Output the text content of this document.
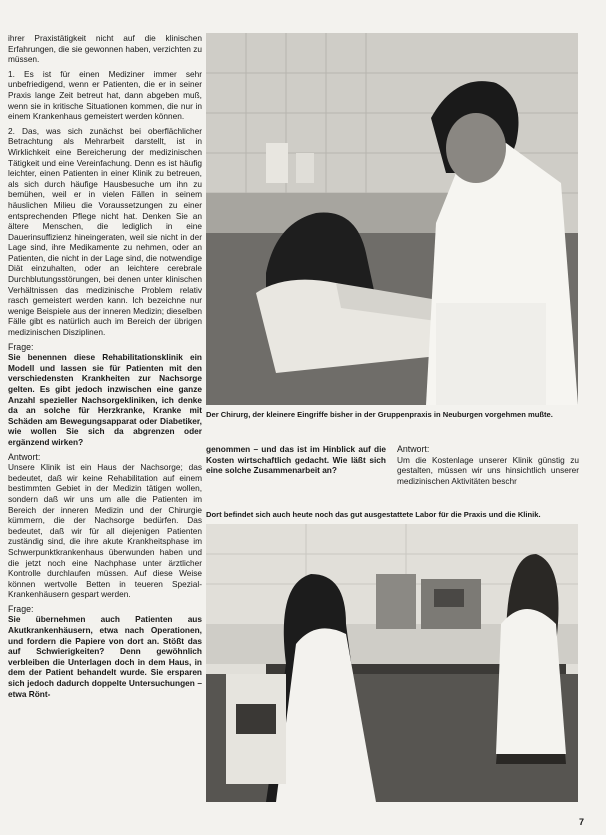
ihrer Praxistätigkeit nicht auf die klinischen Erfahrungen, die sie gewonnen haben, verzichten zu müssen.

1. Es ist für einen Mediziner immer sehr unbefriedigend, wenn er Patienten, die er in seiner Praxis lange Zeit betreut hat, dann abgeben muß, wenn sie in kritische Situationen kommen, die nur in einem Krankenhaus gemeistert werden können.

2. Das, was sich zunächst bei oberflächlicher Betrachtung als Mehrarbeit darstellt, ist in Wirklichkeit eine Bereicherung der medizinischen Tätigkeit und eine Vereinfachung. Denn es ist häufig leichter, einen Patienten in einer Klinik zu betreuen, als sich durch häufige Hausbesuche um ihn zu bemühen, weil er in vielen Fällen in seinem häuslichen Milieu die Voraussetzungen zu einer entsprechenden Pflege nicht hat. Denken Sie an ältere Menschen, die lediglich in eine Dauerinsuffizienz hineingeraten, weil sie nicht in der Lage sind, ihre Medikamente zu nehmen, oder an Patienten, die nicht in der Lage sind, die notwendige Diät einzuhalten, oder an leichtere cerebrale Durchblutungsstörungen, bei denen unter klinischen Verhältnissen das medizinische Problem relativ rasch gemeistert werden kann. Ich bezeichne nur wenige Beispiele aus der inneren Medizin; dieselben Fälle gibt es natürlich auch im Bereich der übrigen medizinischen Disziplinen.

Frage:

Sie benennen diese Rehabilitationsklinik ein Modell und lassen sie für Patienten mit den verschiedensten Krankheiten zur Nachsorge gelten. Es gibt jedoch inzwischen eine ganze Anzahl spezieller Nachsorgekliniken, ich denke da an solche für Herzkranke, Kranke mit Schäden am Bewegungsapparat oder Diabetiker, wie wollen Sie sich da abgrenzen oder ergänzend wirken?

Antwort:

Unsere Klinik ist ein Haus der Nachsorge; das bedeutet, daß wir keine Rehabilitation auf einem bestimmten Gebiet in der Medizin tätigen wollen, sondern daß wir uns um alle die Patienten im Bereich der inneren Medizin und der Chirurgie kümmern, die der Nachsorge bedürfen. Das bedeutet, daß wir für all diejenigen Patienten zuständig sind, die ihre akute Krankheitsphase im Schwerpunktkrankenhaus überwunden haben und die jetzt noch eine Nachphase unter ärztlicher Kontrolle durchlaufen müssen. Auf diese Weise können wertvolle Betten in teueren Spezial-Krankenhäusern gespart werden.

Frage:

Sie übernehmen auch Patienten aus Akutkrankenhäusern, etwa nach Operationen, und fordern die Papiere von dort an. Stößt das auf Schwierigkeiten? Denn gewöhnlich verbleiben die Unterlagen doch in dem Haus, in dem der Patient behandelt wurde. Sie ersparen sich jedoch dadurch doppelte Untersuchungen – etwa Rönt-

Der Chirurg, der kleinere Eingriffe bisher in der Gruppenpraxis in Neuburgen vorgehmen mußte.
genommen – und das ist im Hinblick auf die Kosten wirtschaftlich gedacht. Wie läßt sich eine solche Zusammenarbeit an?
Antwort:
Um die Kostenlage unserer Klinik günstig zu gestalten, müssen wir uns hinsichtlich unserer medizinischen Aktivitäten beschr
Dort befindet sich auch heute noch das gut ausgestattete Labor für die Praxis und die Klinik.
7
